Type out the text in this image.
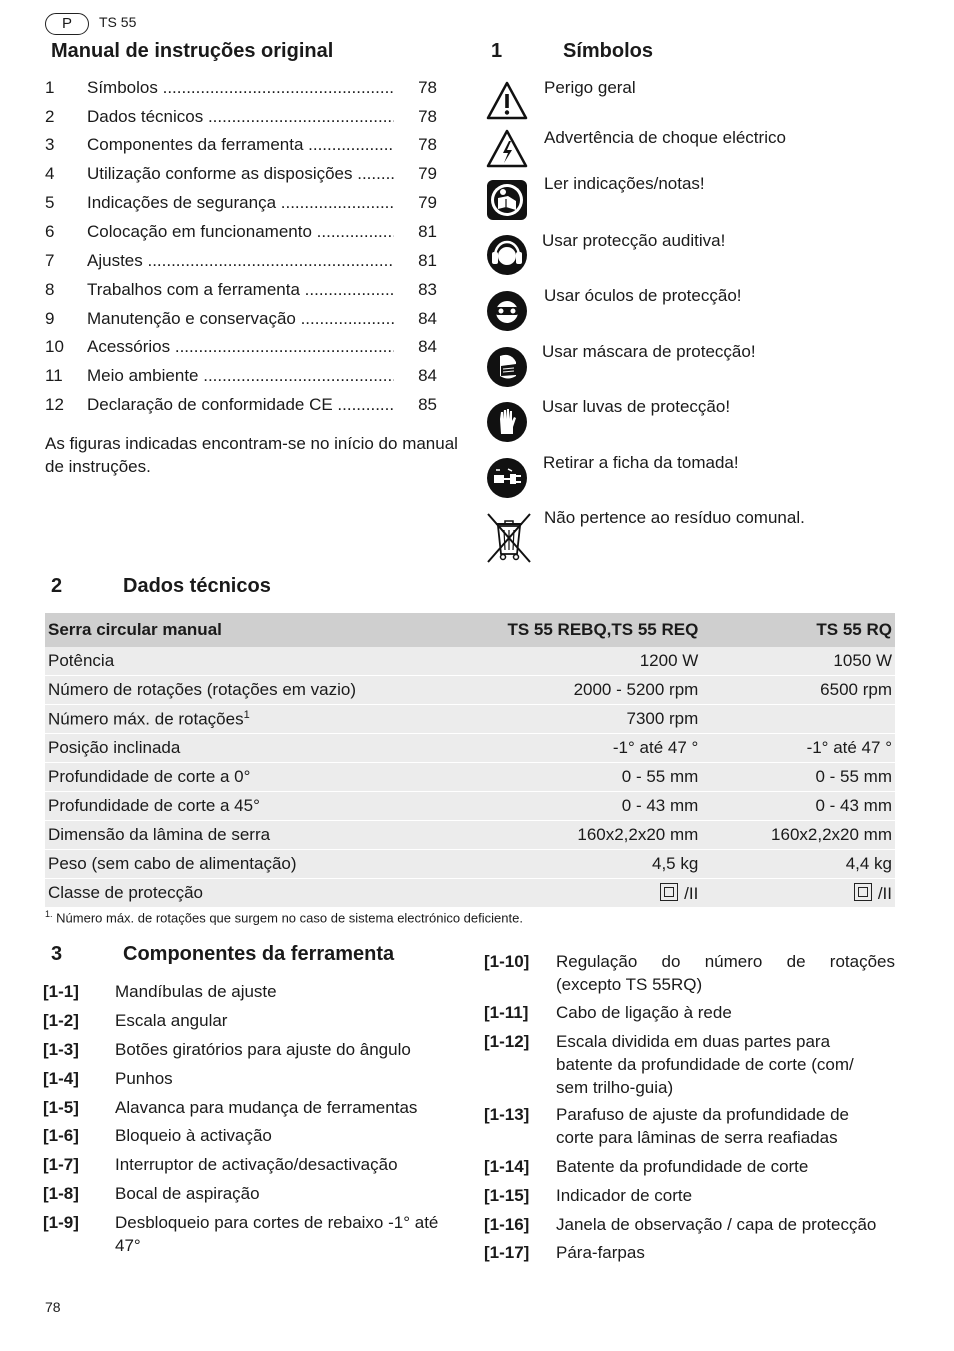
P	TS 55
Manual de instruções original
1 Símbolos .....	78
2 Dados técnicos .....	78
3 Componentes da ferramenta .....	78
4 Utilização conforme as disposições .....	79
5 Indicações de segurança .....	79
6 Colocação em funcionamento .....	81
7 Ajustes .....	81
8 Trabalhos com a ferramenta .....	83
9 Manutenção e conservação .....	84
10 Acessórios .....	84
11 Meio ambiente .....	84
12 Declaração de conformidade CE .....	85
As figuras indicadas encontram-se no início do manual de instruções.
1	Símbolos
Perigo geral
Advertência de choque eléctrico
Ler indicações/notas!
Usar protecção auditiva!
Usar óculos de protecção!
Usar máscara de protecção!
Usar luvas de protecção!
Retirar a ficha da tomada!
Não pertence ao resíduo comunal.
2	Dados técnicos
Serra circular manual	TS 55 REBQ,TS 55 REQ	TS 55 RQ
Potência	1200 W	1050 W
Número de rotações (rotações em vazio)	2000 - 5200 rpm	6500 rpm
Número máx. de rotações$^1$	7300 rpm	
Posição inclinada	-1° até 47 °	-1° até 47 °
Profundidade de corte a 0°	0 - 55 mm	0 - 55 mm
Profundidade de corte a 45°	0 - 43 mm	0 - 43 mm
Dimensão da lâmina de serra	160x2,2x20 mm	160x2,2x20 mm
Peso (sem cabo de alimentação)	4,5 kg	4,4 kg
Classe de protecção	/II	/II
$^{1.}$ Número máx. de rotações que surgem no caso de sistema electrónico deficiente.
3	Componentes da ferramenta
[1-1] Mandíbulas de ajuste
[1-2] Escala angular
[1-3] Botões giratórios para ajuste do ângulo
[1-4] Punhos
[1-5] Alavanca para mudança de ferramentas
[1-6] Bloqueio à activação
[1-7] Interruptor de activação/desactivação
[1-8] Bocal de aspiração
[1-9] Desbloqueio para cortes de rebaixo -1° até 47°
[1-10] Regulação do número de rotações
(excepto TS 55RQ)
[1-11] Cabo de ligação à rede
[1-12] Escala dividida em duas partes para batente da profundidade de corte (com/ sem trilho-guia)
[1-13] Parafuso de ajuste da profundidade de corte para lâminas de serra reafiadas
[1-14] Batente da profundidade de corte
[1-15] Indicador de corte
[1-16] Janela de observação / capa de protecção
[1-17] Pára-farpas
78
